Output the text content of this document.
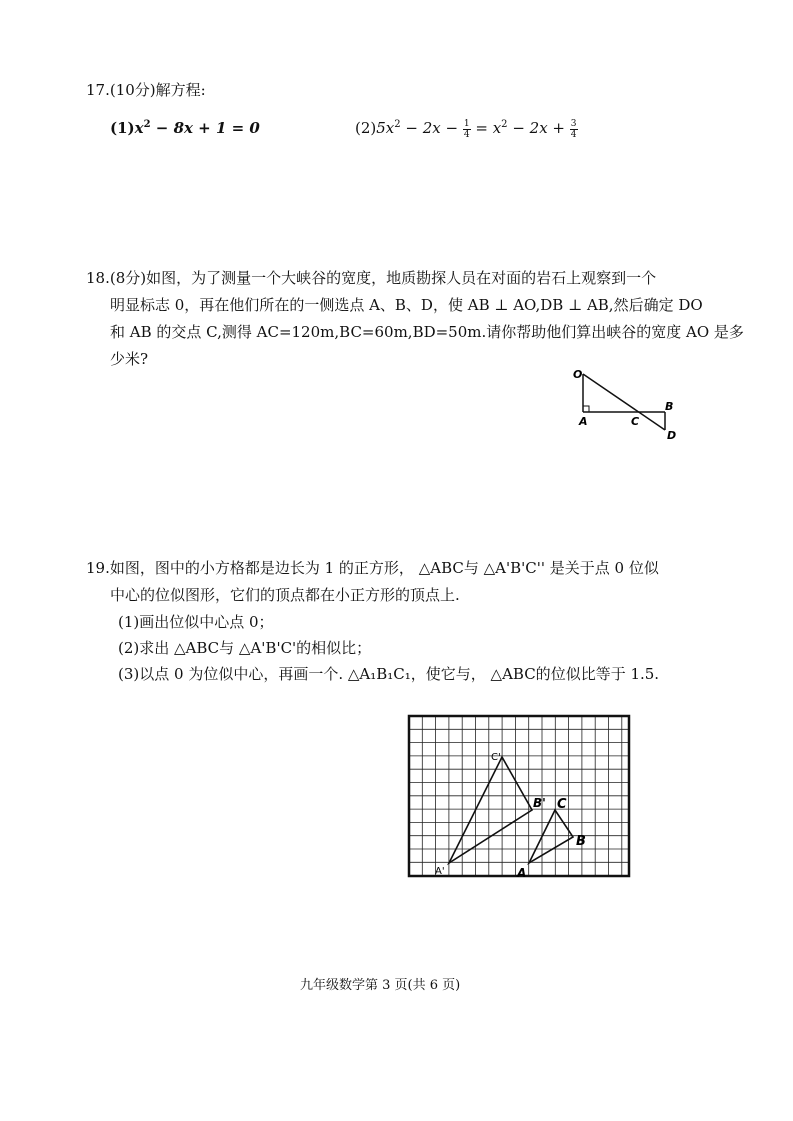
17.(10分)解方程:
$(1)x^2 - 8x + 1 = 0$	$(2)5x^2 - 2x - \frac{1}{4} = x^2 - 2x + \frac{3}{4}$
18.(8分)如图，为了测量一个大峡谷的宽度，地质勘探人员在对面的岩石上观察到一个
明显标志 0，再在他们所在的一侧选点 A、B、D，使 AB ⊥ AO,DB ⊥ AB,然后确定 DO
和 AB 的交点 C,测得 AC=120m,BC=60m,BD=50m.请你帮助他们算出峡谷的宽度 AO 是多
少米?
O
A	C
B
D
19.如图，图中的小方格都是边长为 1 的正方形， △ABC与 △A'B'C'' 是关于点 0 位似
中心的位似图形，它们的顶点都在小正方形的顶点上.
(1)画出位似中心点 0；
(2)求出 △ABC与 △A'B'C'的相似比；
(3)以点 0 为位似中心，再画一个. △A₁B₁C₁，使它与， △ABC的位似比等于 1.5.
A'
C'
B'
A
C
B
九年级数学第 3 页(共 6 页)
